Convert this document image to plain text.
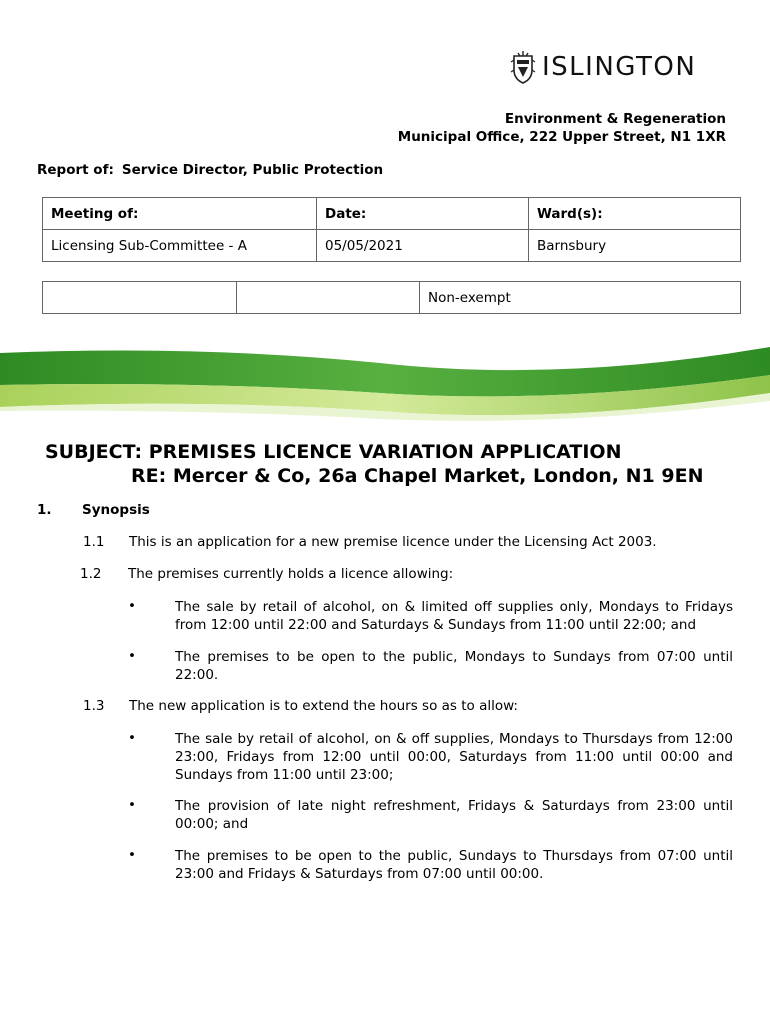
ISLINGTON
Environment & Regeneration
Municipal Office, 222 Upper Street, N1 1XR
Report of: Service Director, Public Protection
Meeting of:	Date:	Ward(s):
Licensing Sub-Committee - A	05/05/2021	Barnsbury
		Non-exempt
SUBJECT: PREMISES LICENCE VARIATION APPLICATION
RE: Mercer & Co, 26a Chapel Market, London, N1 9EN
1. Synopsis
1.1 This is an application for a new premise licence under the Licensing Act 2003.
1.2 The premises currently holds a licence allowing:
•	The sale by retail of alcohol, on & limited off supplies only, Mondays to Fridays from 12:00 until 22:00 and Saturdays & Sundays from 11:00 until 22:00; and
•	The premises to be open to the public, Mondays to Sundays from 07:00 until 22:00.
1.3 The new application is to extend the hours so as to allow:
•	The sale by retail of alcohol, on & off supplies, Mondays to Thursdays from 12:00 23:00, Fridays from 12:00 until 00:00, Saturdays from 11:00 until 00:00 and Sundays from 11:00 until 23:00;
•	The provision of late night refreshment, Fridays & Saturdays from 23:00 until 00:00; and
•	The premises to be open to the public, Sundays to Thursdays from 07:00 until 23:00 and Fridays & Saturdays from 07:00 until 00:00.
